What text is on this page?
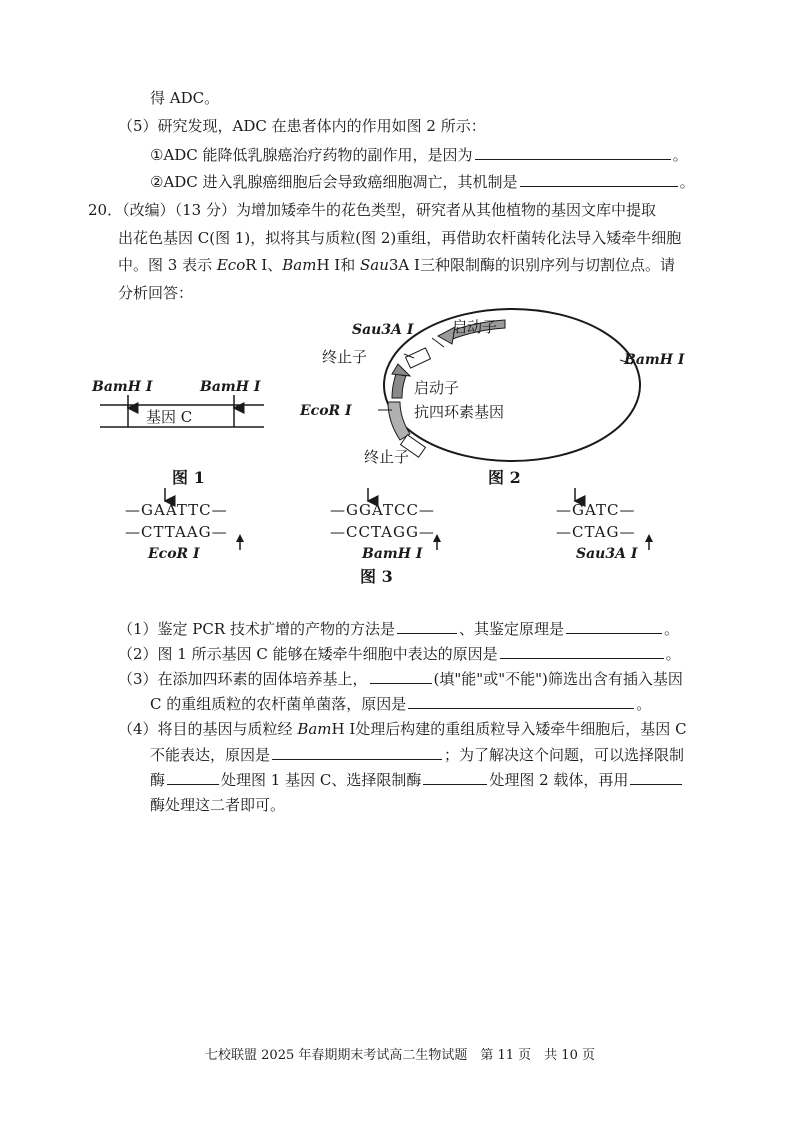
得 ADC。
（5）研究发现，ADC 在患者体内的作用如图 2 所示：
①ADC 能降低乳腺癌治疗药物的副作用，是因为	。
②ADC 进入乳腺癌细胞后会导致癌细胞凋亡，其机制是	。
20．（改编）（13 分）为增加矮牵牛的花色类型，研究者从其他植物的基因文库中提取
出花色基因 C(图 1)，拟将其与质粒(图 2)重组，再借助农杆菌转化法导入矮牵牛细胞
中。图 3 表示 EcoR Ⅰ、BamH Ⅰ和 Sau3A Ⅰ三种限制酶的识别序列与切割位点。请
分析回答：
BamH Ⅰ	BamH Ⅰ
基因 C
图 1
Sau3A Ⅰ	启动子
终止子	BamH Ⅰ
启动子
EcoR Ⅰ	抗四环素基因
终止子
图 2
—GAATTC—
—CTTAAG—
EcoR Ⅰ
—GGATCC—
—CCTAGG—
BamH Ⅰ
—GATC—
—CTAG—
Sau3A Ⅰ
图 3
（1）鉴定 PCR 技术扩增的产物的方法是	、其鉴定原理是	。
（2）图 1 所示基因 C 能够在矮牵牛细胞中表达的原因是	。
（3）在添加四环素的固体培养基上，	(填"能"或"不能")筛选出含有插入基因
C 的重组质粒的农杆菌单菌落，原因是	。
（4）将目的基因与质粒经 BamH Ⅰ处理后构建的重组质粒导入矮牵牛细胞后，基因 C
不能表达，原因是	；为了解决这个问题，可以选择限制
酶	处理图 1 基因 C、选择限制酶	处理图 2 载体，再用
酶处理这二者即可。
七校联盟 2025 年春期期末考试高二生物试题　第 11 页　共 10 页
